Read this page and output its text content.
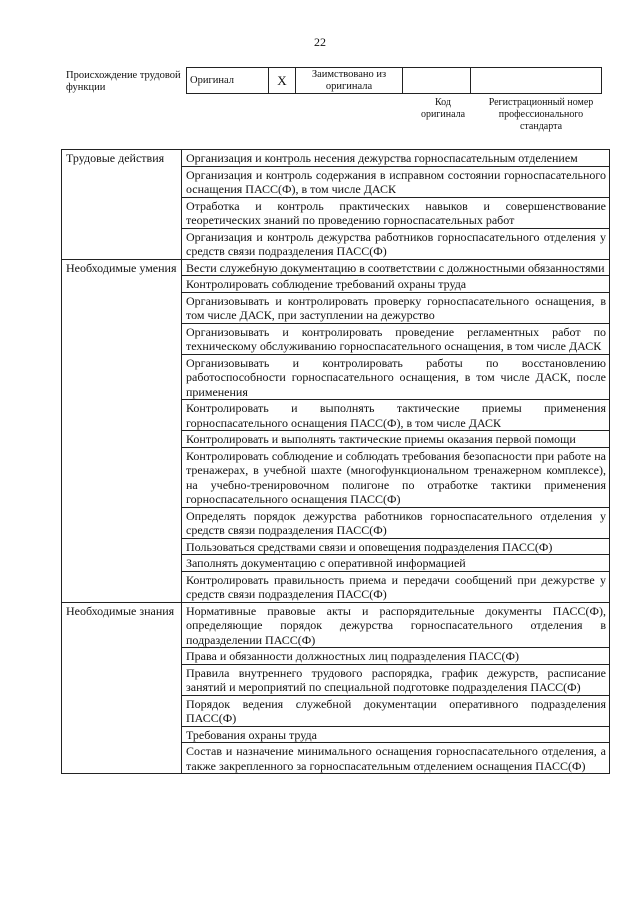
22
Происхождение трудовой функции
Оригинал	X	Заимствовано из оригинала		
Код оригинала
Регистрационный номер профессионального стандарта
Трудовые действия	Организация и контроль несения дежурства горноспасательным отделением
	Организация и контроль содержания в исправном состоянии горноспасательного оснащения ПАСС(Ф), в том числе ДАСК
	Отработка и контроль практических навыков и совершенствование теоретических знаний по проведению горноспасательных работ
	Организация и контроль дежурства работников горноспасательного отделения у средств связи подразделения ПАСС(Ф)
Необходимые умения	Вести служебную документацию в соответствии с должностными обязанностями
	Контролировать соблюдение требований охраны труда
	Организовывать и контролировать проверку горноспасательного оснащения, в том числе ДАСК, при заступлении на дежурство
	Организовывать и контролировать проведение регламентных работ по техническому обслуживанию горноспасательного оснащения, в том числе ДАСК
	Организовывать и контролировать работы по восстановлению работоспособности горноспасательного оснащения, в том числе ДАСК, после применения
	Контролировать и выполнять тактические приемы применения горноспасательного оснащения ПАСС(Ф), в том числе ДАСК
	Контролировать и выполнять тактические приемы оказания первой помощи
	Контролировать соблюдение и соблюдать требования безопасности при работе на тренажерах, в учебной шахте (многофункциональном тренажерном комплексе), на учебно-тренировочном полигоне по отработке тактики применения горноспасательного оснащения ПАСС(Ф)
	Определять порядок дежурства работников горноспасательного отделения у средств связи подразделения ПАСС(Ф)
	Пользоваться средствами связи и оповещения подразделения ПАСС(Ф)
	Заполнять документацию с оперативной информацией
	Контролировать правильность приема и передачи сообщений при дежурстве у средств связи подразделения ПАСС(Ф)
Необходимые знания	Нормативные правовые акты и распорядительные документы ПАСС(Ф), определяющие порядок дежурства горноспасательного отделения в подразделении ПАСС(Ф)
	Права и обязанности должностных лиц подразделения ПАСС(Ф)
	Правила внутреннего трудового распорядка, график дежурств, расписание занятий и мероприятий по специальной подготовке подразделения ПАСС(Ф)
	Порядок ведения служебной документации оперативного подразделения ПАСС(Ф)
	Требования охраны труда
	Состав и назначение минимального оснащения горноспасательного отделения, а также закрепленного за горноспасательным отделением оснащения ПАСС(Ф)
